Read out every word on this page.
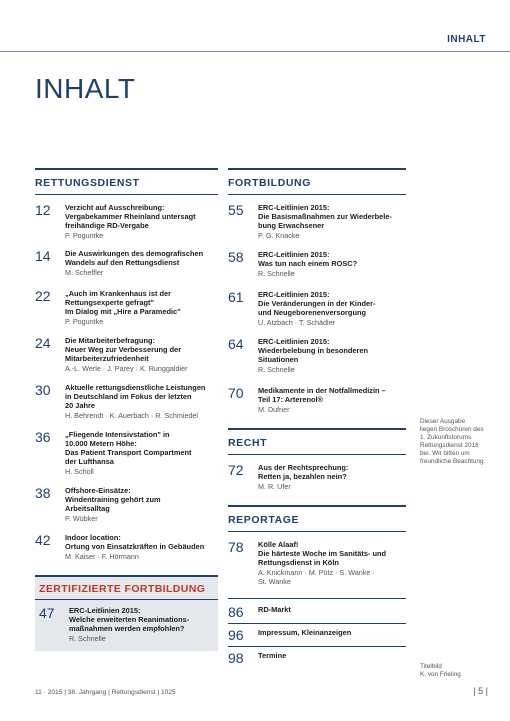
INHALT
INHALT
RETTUNGSDIENST
12	Verzicht auf Ausschreibung:
Vergabekammer Rheinland untersagt
freihändige RD-Vergabe
P. Poguntke
14	Die Auswirkungen des demografischen
Wandels auf den Rettungsdienst
M. Scheffler
22	„Auch im Krankenhaus ist der
Rettungsexperte gefragt"
Im Dialog mit „Hire a Paramedic"
P. Poguntke
24	Die Mitarbeiterbefragung:
Neuer Weg zur Verbesserung der
Mitarbeiterzufriedenheit
A.-L. Werle · J. Parey · K. Runggaldier
30	Aktuelle rettungsdienstliche Leistungen
in Deutschland im Fokus der letzten
20 Jahre
H. Behrendt · K. Auerbach · R. Schmiedel
36	„Fliegende Intensivstation" in
10.000 Metern Höhe:
Das Patient Transport Compartment
der Lufthansa
H. Scholl
38	Offshore-Einsätze:
Windentraining gehört zum
Arbeitsalltag
P. Wübker
42	Indoor location:
Ortung von Einsatzkräften in Gebäuden
M. Kaiser · F. Hörmann
ZERTIFIZIERTE FORTBILDUNG
47	ERC-Leitlinien 2015:
Welche erweiterten Reanimations-
maßnahmen werden empfohlen?
R. Schnelle
FORTBILDUNG
55	ERC-Leitlinien 2015:
Die Basismaßnahmen zur Wiederbele-
bung Erwachsener
P. G. Knacke
58	ERC-Leitlinien 2015:
Was tun nach einem ROSC?
R. Schnelle
61	ERC-Leitlinien 2015:
Die Veränderungen in der Kinder-
und Neugeborenenversorgung
U. Atzbach · T. Schädler
64	ERC-Leitlinien 2015:
Wiederbelebung in besonderen
Situationen
R. Schnelle
70	Medikamente in der Notfallmedizin –
Teil 17: Arterenol®
M. Dufner
RECHT
72	Aus der Rechtsprechung:
Retten ja, bezahlen nein?
M. R. Ufer
REPORTAGE
78	Kölle Alaaf!
Die härteste Woche im Sanitäts- und
Rettungsdienst in Köln
A. Knickmann · M. Pütz · S. Wanke ·
St. Wanke
86	RD-Markt
96	Impressum, Kleinanzeigen
98	Termine
Dieser Ausgabe
liegen Broschüren des
1. Zukunftsforums
Rettungsdienst 2016
bei. Wir bitten um
freundliche Beachtung.
Titelbild
K. von Frieling
11 · 2015 | 38. Jahrgang | Rettungsdienst | 1025	| 5 |
